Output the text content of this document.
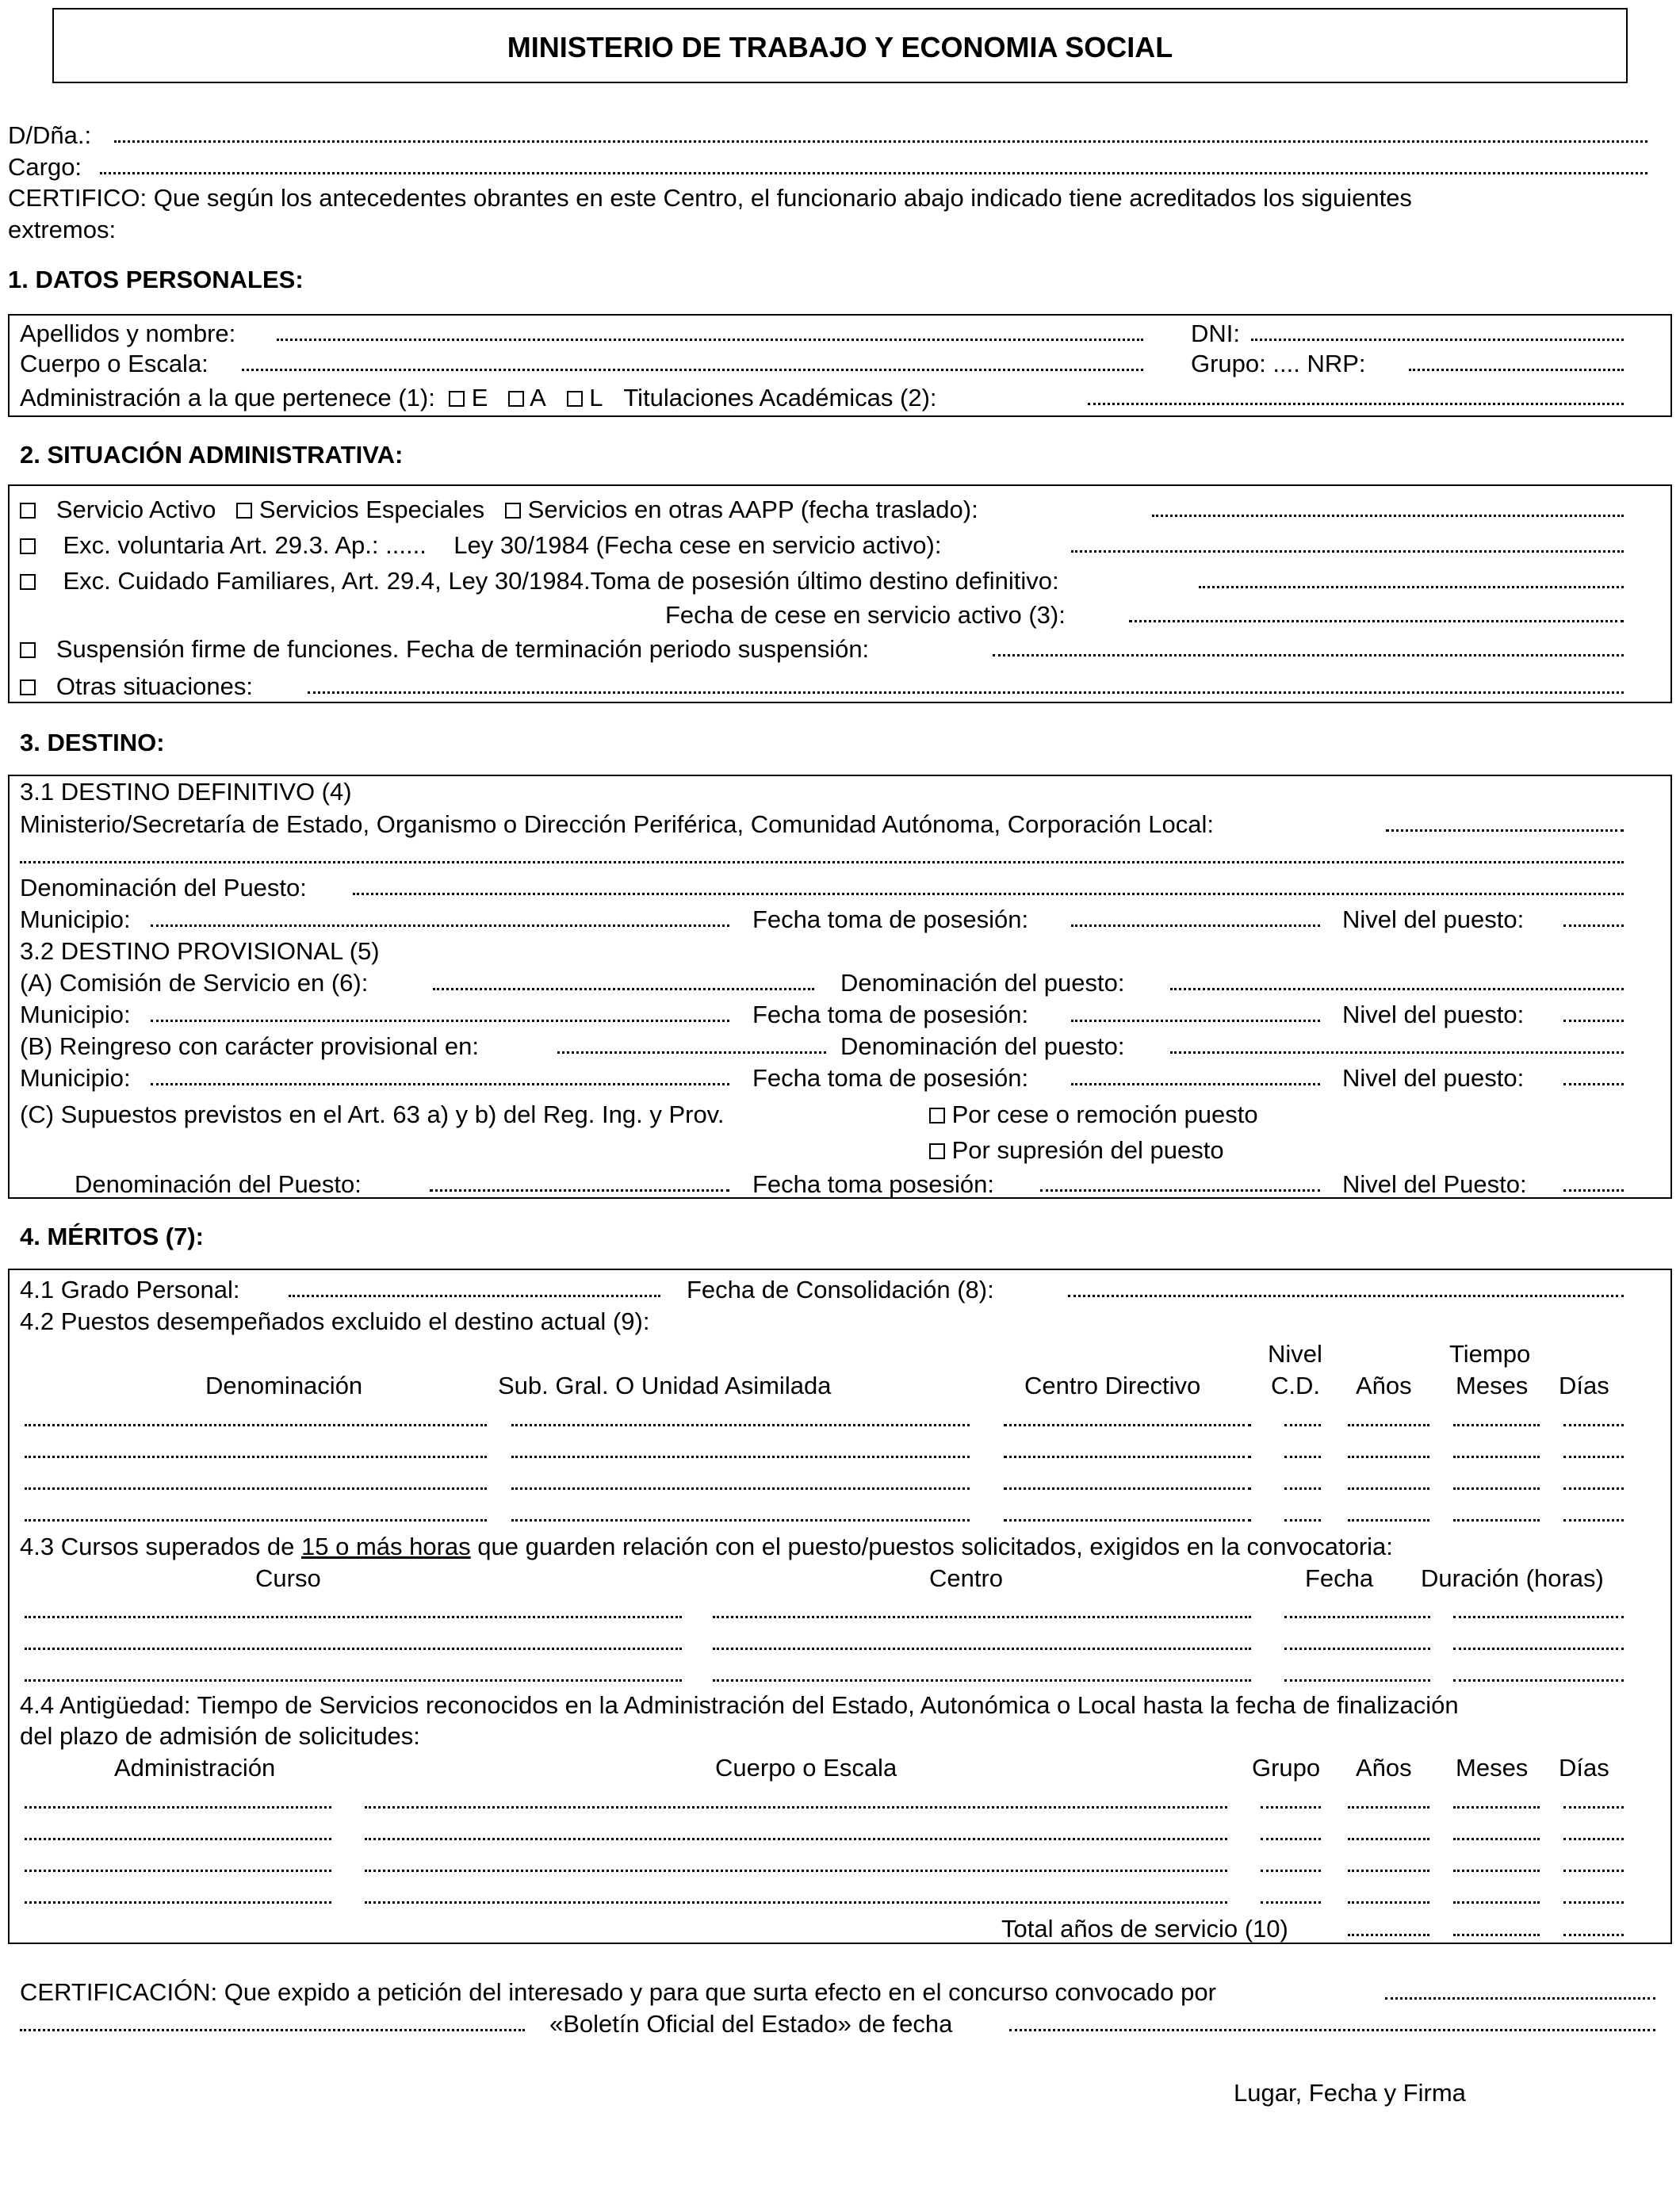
MINISTERIO DE TRABAJO Y ECONOMIA SOCIAL
D/Dña.:
Cargo:
CERTIFICO: Que según los antecedentes obrantes en este Centro, el funcionario abajo indicado tiene acreditados los siguientes
extremos:
1. DATOS PERSONALES:
Apellidos y nombre:	DNI:
Cuerpo o Escala:	Grupo: .... NRP:
Administración a la que pertenece (1): E A L Titulaciones Académicas (2):
2. SITUACIÓN ADMINISTRATIVA:
Servicio Activo Servicios Especiales Servicios en otras AAPP (fecha traslado):
Exc. voluntaria Art. 29.3. Ap.: ...... Ley 30/1984 (Fecha cese en servicio activo):
Exc. Cuidado Familiares, Art. 29.4, Ley 30/1984.Toma de posesión último destino definitivo:
Fecha de cese en servicio activo (3):
Suspensión firme de funciones. Fecha de terminación periodo suspensión:
Otras situaciones:
3. DESTINO:
3.1 DESTINO DEFINITIVO (4)
Ministerio/Secretaría de Estado, Organismo o Dirección Periférica, Comunidad Autónoma, Corporación Local:
Denominación del Puesto:
Municipio:	Fecha toma de posesión:	Nivel del puesto:
3.2 DESTINO PROVISIONAL (5)
(A) Comisión de Servicio en (6):	Denominación del puesto:
Municipio:	Fecha toma de posesión:	Nivel del puesto:
(B) Reingreso con carácter provisional en:	Denominación del puesto:
Municipio:	Fecha toma de posesión:	Nivel del puesto:
(C) Supuestos previstos en el Art. 63 a) y b) del Reg. Ing. y Prov.	Por cese o remoción puesto
Por supresión del puesto
Denominación del Puesto:	Fecha toma posesión:	Nivel del Puesto:
4. MÉRITOS (7):
4.1 Grado Personal:	Fecha de Consolidación (8):
4.2 Puestos desempeñados excluido el destino actual (9):
Nivel	Tiempo
Denominación	Sub. Gral. O Unidad Asimilada	Centro Directivo	C.D. Años Meses Días
4.3 Cursos superados de 15 o más horas que guarden relación con el puesto/puestos solicitados, exigidos en la convocatoria:
Curso	Centro	Fecha Duración (horas)
4.4 Antigüedad: Tiempo de Servicios reconocidos en la Administración del Estado, Autonómica o Local hasta la fecha de finalización
del plazo de admisión de solicitudes:
Administración	Cuerpo o Escala	Grupo Años Meses Días
Total años de servicio (10)
CERTIFICACIÓN: Que expido a petición del interesado y para que surta efecto en el concurso convocado por
«Boletín Oficial del Estado» de fecha
Lugar, Fecha y Firma
